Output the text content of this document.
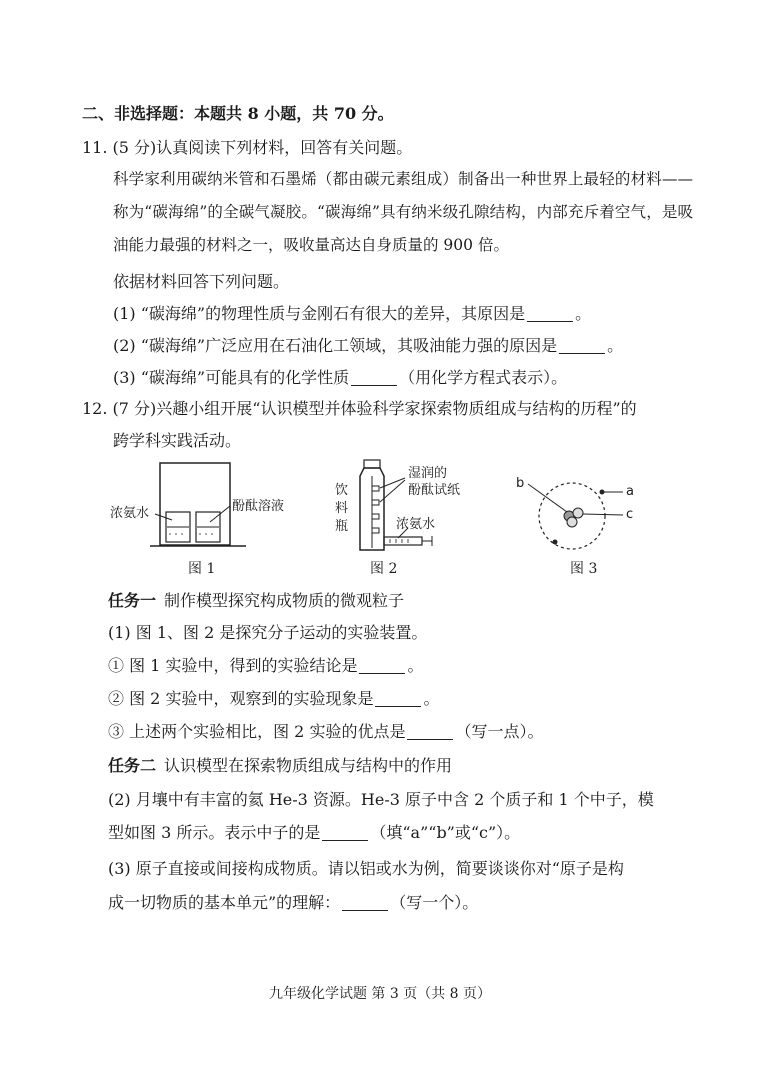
二、非选择题：本题共 8 小题，共 70 分。
11. (5 分)认真阅读下列材料，回答有关问题。
科学家利用碳纳米管和石墨烯（都由碳元素组成）制备出一种世界上最轻的材料——称为“碳海绵”的全碳气凝胶。“碳海绵”具有纳米级孔隙结构，内部充斥着空气，是吸油能力最强的材料之一，吸收量高达自身质量的 900 倍。
依据材料回答下列问题。
(1) “碳海绵”的物理性质与金刚石有很大的差异，其原因是	。
(2) “碳海绵”广泛应用在石油化工领域，其吸油能力强的原因是	。
(3) “碳海绵”可能具有的化学性质	（用化学方程式表示）。
12. (7 分)兴趣小组开展“认识模型并体验科学家探索物质组成与结构的历程”的
跨学科实践活动。
浓氨水	酚酞溶液
图 1
饮
料
瓶
湿润的
酚酞试纸
浓氨水
图 2
b
a
c
图 3
任务一 制作模型探究构成物质的微观粒子
(1) 图 1、图 2 是探究分子运动的实验装置。
① 图 1 实验中，得到的实验结论是	。
② 图 2 实验中，观察到的实验现象是	。
③ 上述两个实验相比，图 2 实验的优点是	（写一点）。
任务二 认识模型在探索物质组成与结构中的作用
(2) 月壤中有丰富的氦 He-3 资源。He-3 原子中含 2 个质子和 1 个中子，模
型如图 3 所示。表示中子的是	（填“a”“b”或“c”）。
(3) 原子直接或间接构成物质。请以铝或水为例，简要谈谈你对“原子是构
成一切物质的基本单元”的理解：	（写一个）。
九年级化学试题 第 3 页（共 8 页）
